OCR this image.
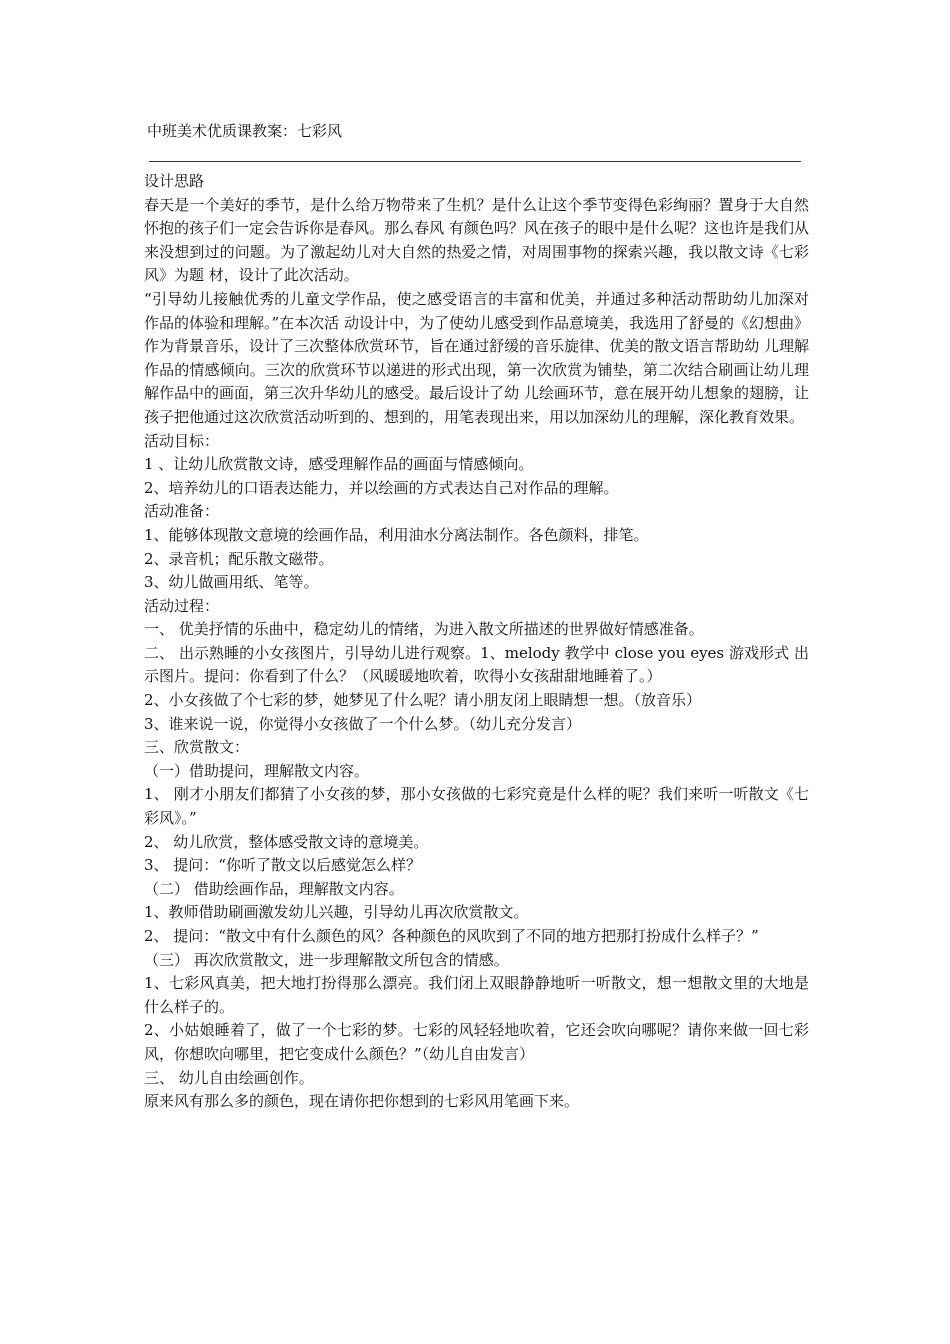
中班美术优质课教案：七彩风

设计思路

春天是一个美好的季节，是什么给万物带来了生机？是什么让这个季节变得色彩绚丽？置身于大自然怀抱的孩子们一定会告诉你是春风。那么春风 有颜色吗？风在孩子的眼中是什么呢？这也许是我们从来没想到过的问题。为了激起幼儿对大自然的热爱之情，对周围事物的探索兴趣，我以散文诗《七彩风》为题 材，设计了此次活动。

“引导幼儿接触优秀的儿童文学作品，使之感受语言的丰富和优美，并通过多种活动帮助幼儿加深对作品的体验和理解。”在本次活 动设计中，为了使幼儿感受到作品意境美，我选用了舒曼的《幻想曲》作为背景音乐，设计了三次整体欣赏环节，旨在通过舒缓的音乐旋律、优美的散文语言帮助幼 儿理解作品的情感倾向。三次的欣赏环节以递进的形式出现，第一次欣赏为铺垫，第二次结合刷画让幼儿理解作品中的画面，第三次升华幼儿的感受。最后设计了幼 儿绘画环节，意在展开幼儿想象的翅膀，让孩子把他通过这次欣赏活动听到的、想到的，用笔表现出来，用以加深幼儿的理解，深化教育效果。

活动目标：

1 、让幼儿欣赏散文诗，感受理解作品的画面与情感倾向。

2、培养幼儿的口语表达能力，并以绘画的方式表达自己对作品的理解。

活动准备：

1、能够体现散文意境的绘画作品，利用油水分离法制作。各色颜料，排笔。

2、录音机；配乐散文磁带。

3、幼儿做画用纸、笔等。

活动过程：

一、 优美抒情的乐曲中，稳定幼儿的情绪，为进入散文所描述的世界做好情感准备。

二、 出示熟睡的小女孩图片，引导幼儿进行观察。1、melody 教学中 close you eyes 游戏形式 出示图片。提问：你看到了什么？（风暖暖地吹着，吹得小女孩甜甜地睡着了。）

2、小女孩做了个七彩的梦，她梦见了什么呢？请小朋友闭上眼睛想一想。（放音乐）

3、谁来说一说，你觉得小女孩做了一个什么梦。（幼儿充分发言）

三、欣赏散文：

（一）借助提问，理解散文内容。

1、 刚才小朋友们都猜了小女孩的梦，那小女孩做的七彩究竟是什么样的呢？我们来听一听散文《七彩风》。”

2、 幼儿欣赏，整体感受散文诗的意境美。

3、 提问：“你听了散文以后感觉怎么样？

（二） 借助绘画作品，理解散文内容。

1、教师借助刷画激发幼儿兴趣，引导幼儿再次欣赏散文。

2、 提问：“散文中有什么颜色的风？各种颜色的风吹到了不同的地方把那打扮成什么样子？”

（三） 再次欣赏散文，进一步理解散文所包含的情感。

1、七彩风真美，把大地打扮得那么漂亮。我们闭上双眼静静地听一听散文，想一想散文里的大地是什么样子的。

2、小姑娘睡着了，做了一个七彩的梦。七彩的风轻轻地吹着，它还会吹向哪呢？请你来做一回七彩风，你想吹向哪里，把它变成什么颜色？”（幼儿自由发言）

三、 幼儿自由绘画创作。

原来风有那么多的颜色，现在请你把你想到的七彩风用笔画下来。
